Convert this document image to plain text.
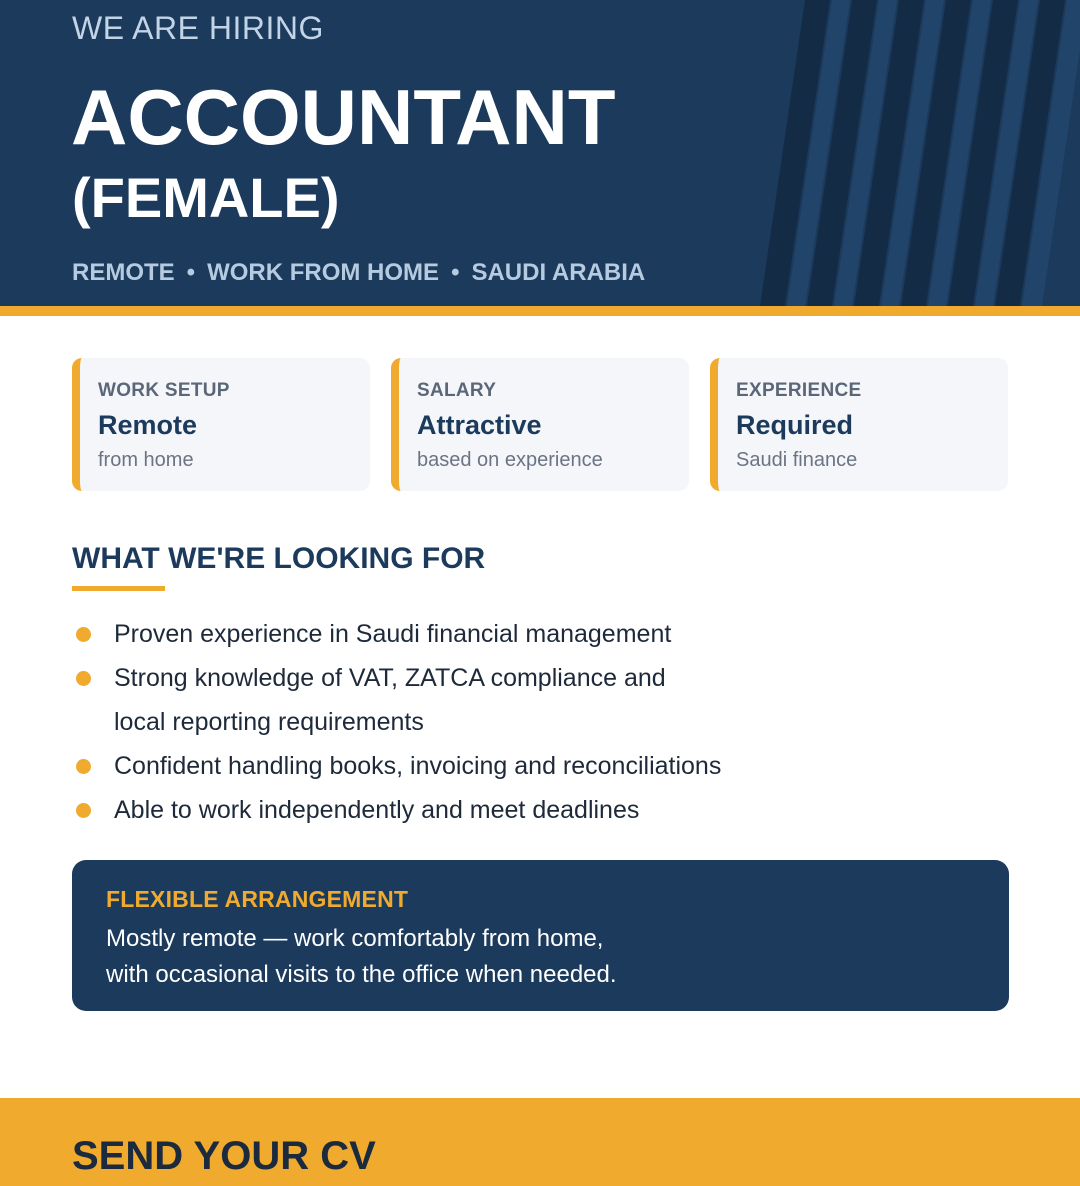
WE ARE HIRING
ACCOUNTANT
(FEMALE)
REMOTE • WORK FROM HOME • SAUDI ARABIA
WORK SETUP
Remote
from home
SALARY
Attractive
based on experience
EXPERIENCE
Required
Saudi finance
WHAT WE'RE LOOKING FOR
Proven experience in Saudi financial management
Strong knowledge of VAT, ZATCA compliance and local reporting requirements
Confident handling books, invoicing and reconciliations
Able to work independently and meet deadlines
FLEXIBLE ARRANGEMENT
Mostly remote — work comfortably from home,
with occasional visits to the office when needed.
SEND YOUR CV
